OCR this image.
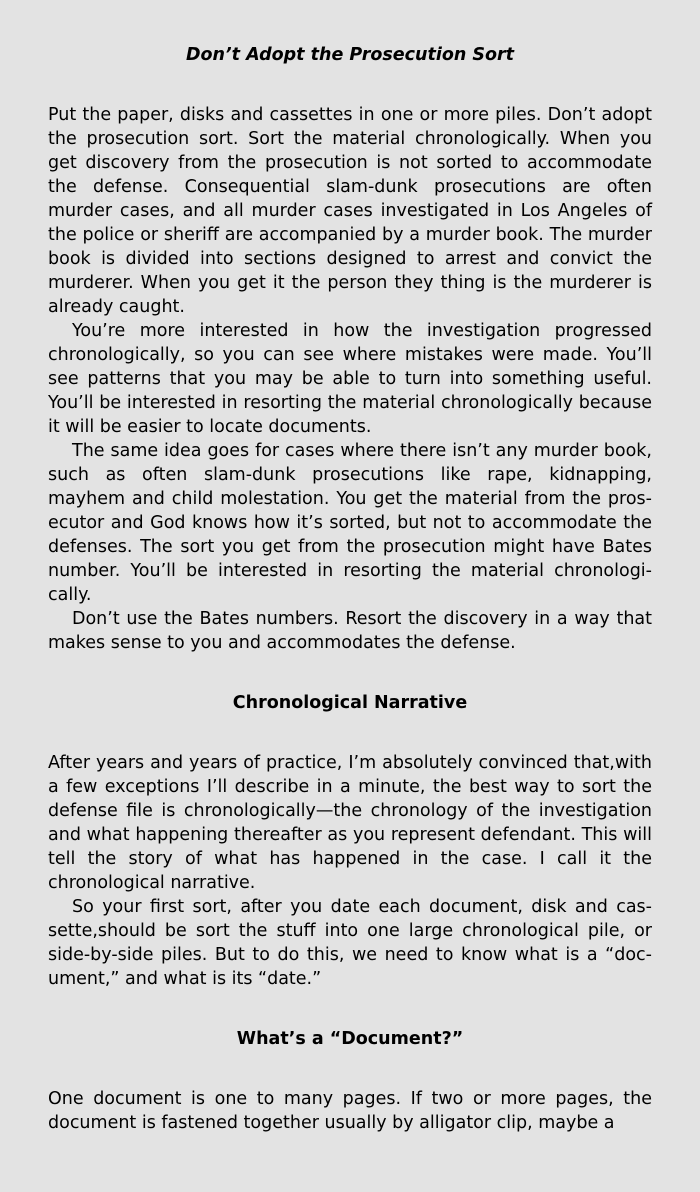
Don’t Adopt the Prosecution Sort

Put the paper, disks and cassettes in one or more piles. Don’t adopt the prosecution sort. Sort the material chronologically. When you get discovery from the prosecution is not sorted to accommodate the defense. Consequential slam-dunk prosecutions are often murder cases, and all murder cases investigated in Los Angeles of the police or sheriff are accompanied by a murder book. The murder book is divided into sections designed to arrest and convict the murderer. When you get it the person they thing is the murderer is already caught.

You’re more interested in how the investigation progressed chronologically, so you can see where mistakes were made. You’ll see patterns that you may be able to turn into something useful. You’ll be interested in resorting the material chronologically because it will be easier to locate documents.

The same idea goes for cases where there isn’t any murder book, such as often slam-dunk prosecutions like rape, kidnapping, mayhem and child molestation. You get the material from the prosecutor and God knows how it’s sorted, but not to accommodate the defenses. The sort you get from the prosecution might have Bates number. You’ll be interested in resorting the material chronologically.

Don’t use the Bates numbers. Resort the discovery in a way that makes sense to you and accommodates the defense.

Chronological Narrative

After years and years of practice, I’m absolutely convinced that,with a few exceptions I’ll describe in a minute, the best way to sort the defense file is chronologically—the chronology of the investigation and what happening thereafter as you represent defendant. This will tell the story of what has happened in the case. I call it the chronological narrative.

So your first sort, after you date each document, disk and cassette,should be sort the stuff into one large chronological pile, or side-by-side piles. But to do this, we need to know what is a “document,” and what is its “date.”

What’s a “Document?”

One document is one to many pages. If two or more pages, the document is fastened together usually by alligator clip, maybe a
